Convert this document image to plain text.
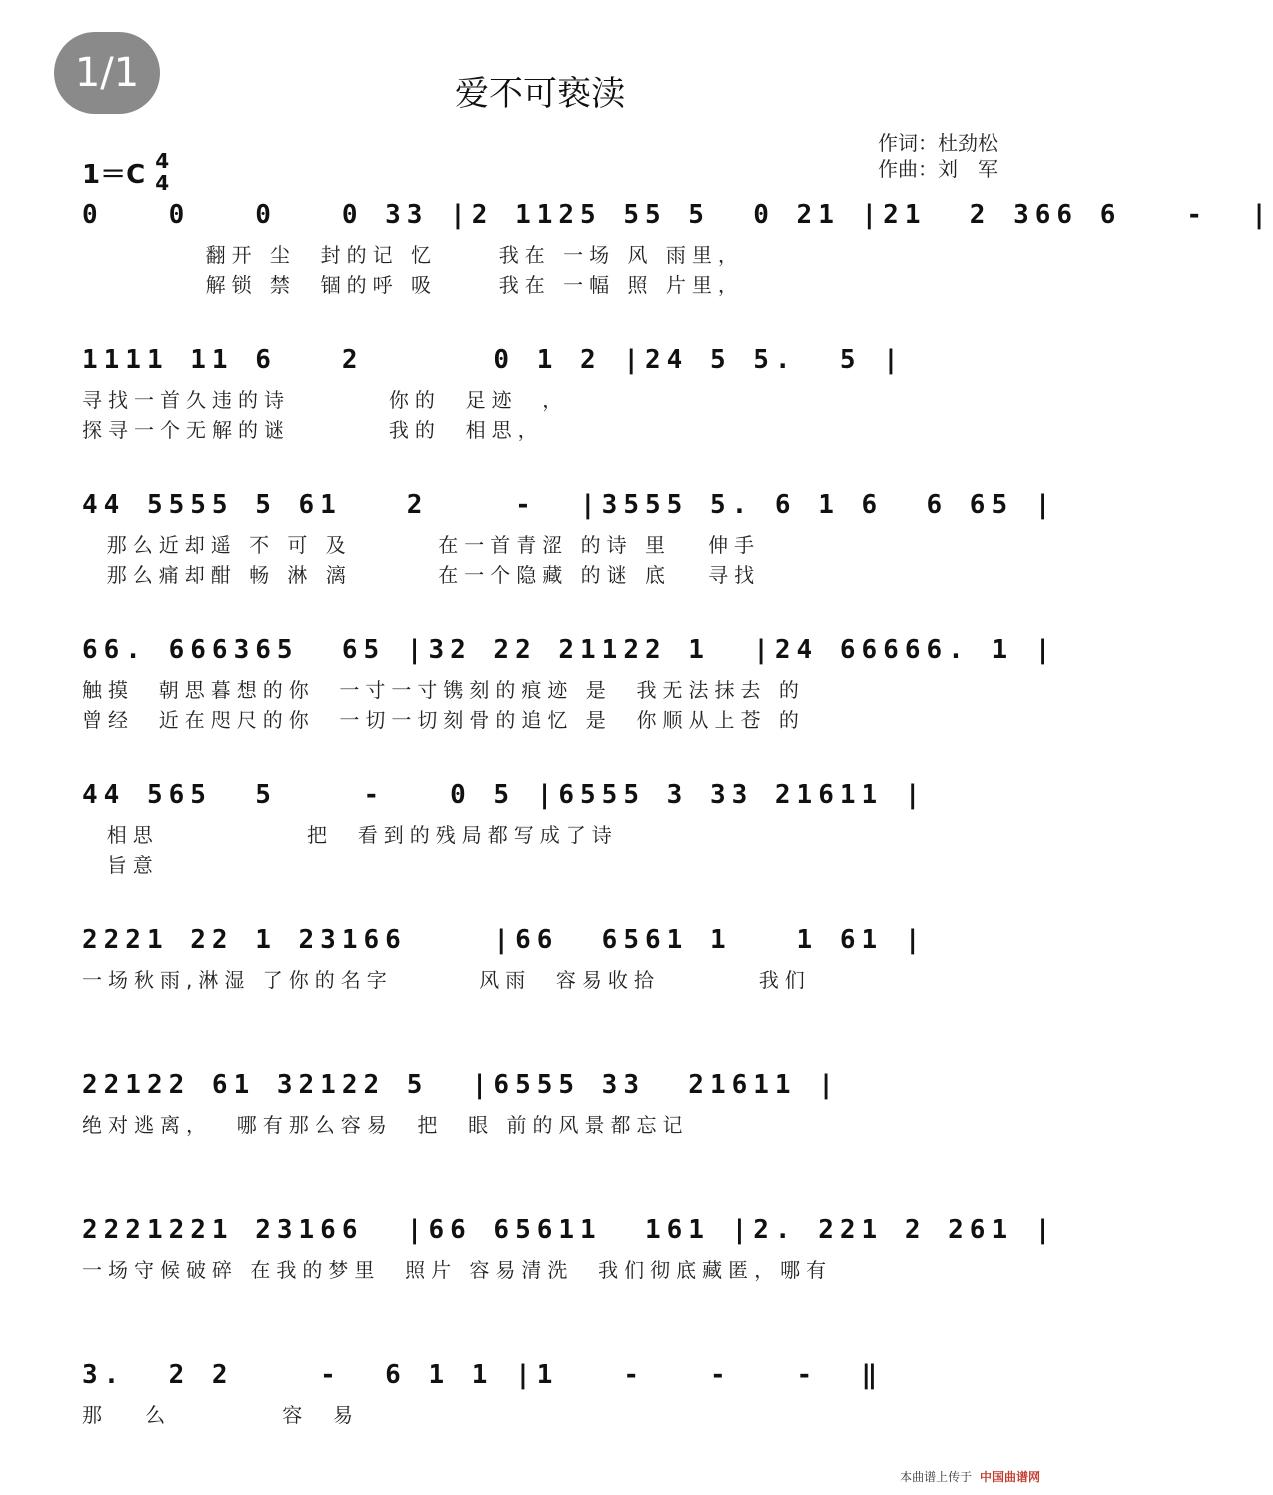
1/1	爱不可亵渎
作词：杜劲松
作曲：刘　军
1＝C 4
4
0   0   0   0 33 |2 1125 55 5  0 21 |21  2 366 6   -  |
翻开 尘  封的记 忆     我在 一场 风 雨里，
解锁 禁  锢的呼 吸     我在 一幅 照 片里，
1111 11 6   2      0 1 2 |24 5 5.  5 |
寻找一首久违的诗        你的  足迹  ，
探寻一个无解的谜        我的  相思，
44 5555 5 61   2    -  |3555 5. 6 1 6  6 65 |
那么近却遥 不 可 及       在一首青涩 的诗 里   伸手
那么痛却酣 畅 淋 漓       在一个隐藏 的谜 底   寻找
66. 666365  65 |32 22 21122 1  |24 66666. 1 |
触摸  朝思暮想的你  一寸一寸镌刻的痕迹 是  我无法抹去 的
曾经  近在咫尺的你  一切一切刻骨的追忆 是  你顺从上苍 的
44 565  5    -   0 5 |6555 3 33 21611 |
相思            把  看到的残局都写成了诗
旨意
2221 22 1 23166    |66  6561 1   1 61 |
一场秋雨,淋湿 了你的名字       风雨  容易收拾        我们
22122 61 32122 5  |6555 33  21611 |
绝对逃离，  哪有那么容易  把  眼 前的风景都忘记
2221221 23166  |66 65611  161 |2. 221 2 261 |
一场守候破碎 在我的梦里  照片 容易清洗  我们彻底藏匿，哪有
3.  2 2    -  6 1 1 |1   -   -   -  ‖
那   么         容  易
本曲谱上传于 中国曲谱网
